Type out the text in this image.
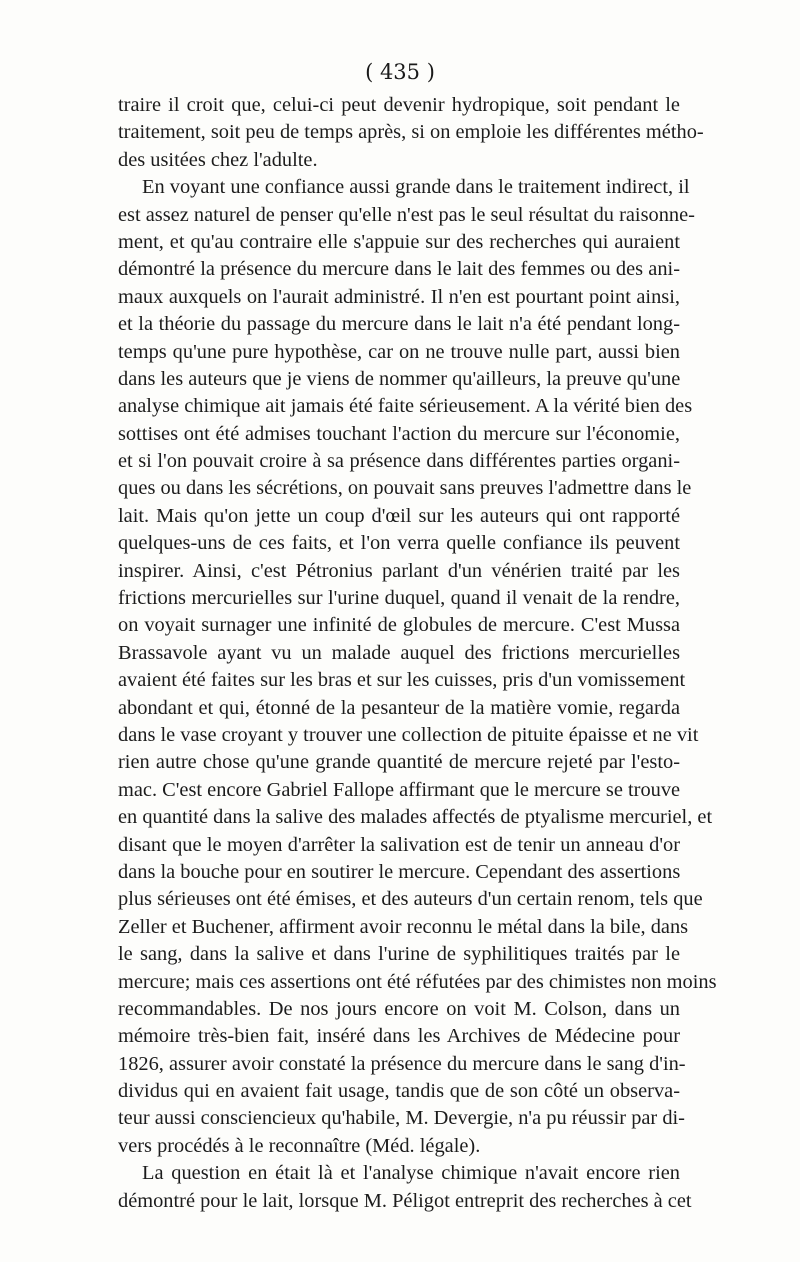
( 435 )
traire il croit que, celui-ci peut devenir hydropique, soit pendant le
traitement, soit peu de temps après, si on emploie les différentes métho-
des usitées chez l'adulte.
En voyant une confiance aussi grande dans le traitement indirect, il
est assez naturel de penser qu'elle n'est pas le seul résultat du raisonne-
ment, et qu'au contraire elle s'appuie sur des recherches qui auraient
démontré la présence du mercure dans le lait des femmes ou des ani-
maux auxquels on l'aurait administré. Il n'en est pourtant point ainsi,
et la théorie du passage du mercure dans le lait n'a été pendant long-
temps qu'une pure hypothèse, car on ne trouve nulle part, aussi bien
dans les auteurs que je viens de nommer qu'ailleurs, la preuve qu'une
analyse chimique ait jamais été faite sérieusement. A la vérité bien des
sottises ont été admises touchant l'action du mercure sur l'économie,
et si l'on pouvait croire à sa présence dans différentes parties organi-
ques ou dans les sécrétions, on pouvait sans preuves l'admettre dans le
lait. Mais qu'on jette un coup d'œil sur les auteurs qui ont rapporté
quelques-uns de ces faits, et l'on verra quelle confiance ils peuvent
inspirer. Ainsi, c'est Pétronius parlant d'un vénérien traité par les
frictions mercurielles sur l'urine duquel, quand il venait de la rendre,
on voyait surnager une infinité de globules de mercure. C'est Mussa
Brassavole ayant vu un malade auquel des frictions mercurielles
avaient été faites sur les bras et sur les cuisses, pris d'un vomissement
abondant et qui, étonné de la pesanteur de la matière vomie, regarda
dans le vase croyant y trouver une collection de pituite épaisse et ne vit
rien autre chose qu'une grande quantité de mercure rejeté par l'esto-
mac. C'est encore Gabriel Fallope affirmant que le mercure se trouve
en quantité dans la salive des malades affectés de ptyalisme mercuriel, et
disant que le moyen d'arrêter la salivation est de tenir un anneau d'or
dans la bouche pour en soutirer le mercure. Cependant des assertions
plus sérieuses ont été émises, et des auteurs d'un certain renom, tels que
Zeller et Buchener, affirment avoir reconnu le métal dans la bile, dans
le sang, dans la salive et dans l'urine de syphilitiques traités par le
mercure; mais ces assertions ont été réfutées par des chimistes non moins
recommandables. De nos jours encore on voit M. Colson, dans un
mémoire très-bien fait, inséré dans les Archives de Médecine pour
1826, assurer avoir constaté la présence du mercure dans le sang d'in-
dividus qui en avaient fait usage, tandis que de son côté un observa-
teur aussi consciencieux qu'habile, M. Devergie, n'a pu réussir par di-
vers procédés à le reconnaître (Méd. légale).
La question en était là et l'analyse chimique n'avait encore rien
démontré pour le lait, lorsque M. Péligot entreprit des recherches à cet
